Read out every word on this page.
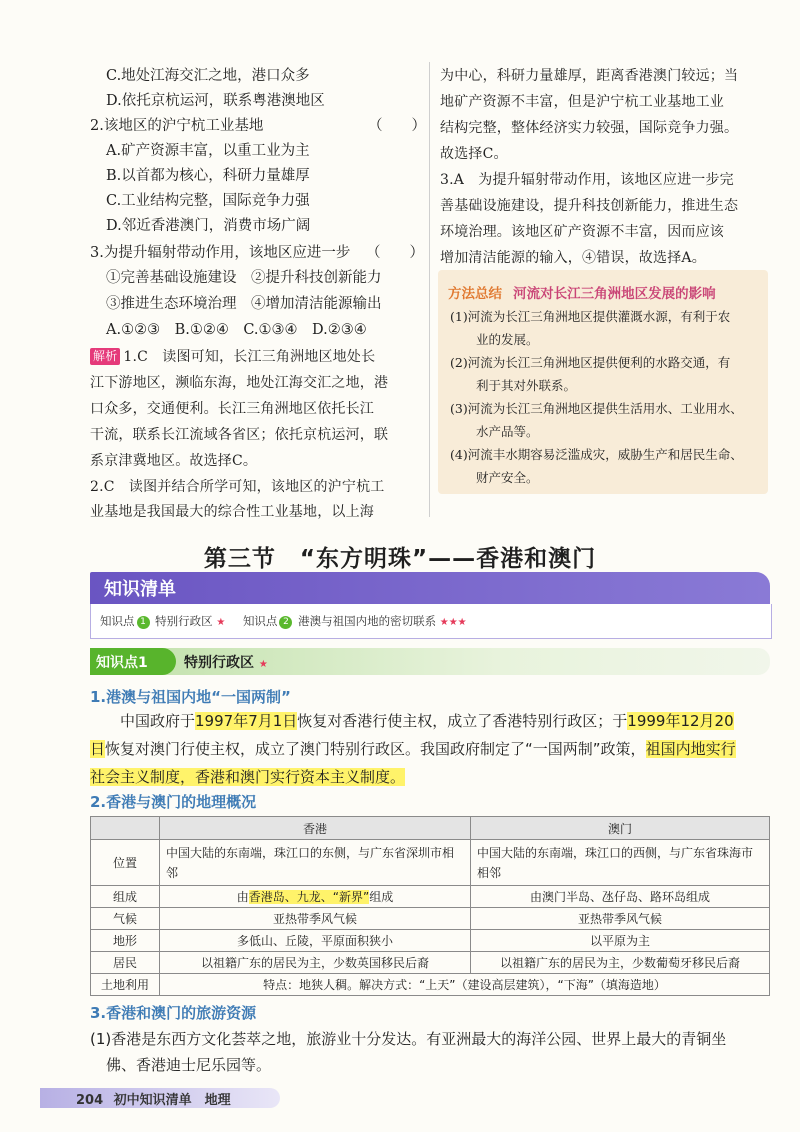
C.地处江海交汇之地，港口众多
D.依托京杭运河，联系粤港澳地区
2.该地区的沪宁杭工业基地	（　　）
A.矿产资源丰富，以重工业为主
B.以首都为核心，科研力量雄厚
C.工业结构完整，国际竞争力强
D.邻近香港澳门，消费市场广阔
3.为提升辐射带动作用，该地区应进一步 （　　）
①完善基础设施建设　②提升科技创新能力
③推进生态环境治理　④增加清洁能源输出
A.①②③　B.①②④　C.①③④　D.②③④
解析 1.C　读图可知，长江三角洲地区地处长
江下游地区，濒临东海，地处江海交汇之地，港
口众多，交通便利。长江三角洲地区依托长江
干流，联系长江流域各省区；依托京杭运河，联
系京津冀地区。故选择C。
2.C　读图并结合所学可知，该地区的沪宁杭工
业基地是我国最大的综合性工业基地，以上海
为中心，科研力量雄厚，距离香港澳门较远；当
地矿产资源不丰富，但是沪宁杭工业基地工业
结构完整，整体经济实力较强，国际竞争力强。
故选择C。
3.A　为提升辐射带动作用，该地区应进一步完
善基础设施建设，提升科技创新能力，推进生态
环境治理。该地区矿产资源不丰富，因而应该
增加清洁能源的输入，④错误，故选择A。
方法总结 河流对长江三角洲地区发展的影响
(1)河流为长江三角洲地区提供灌溉水源，有利于农
业的发展。
(2)河流为长江三角洲地区提供便利的水路交通，有
利于其对外联系。
(3)河流为长江三角洲地区提供生活用水、工业用水、
水产品等。
(4)河流丰水期容易泛滥成灾，威胁生产和居民生命、
财产安全。
第三节　“东方明珠”——香港和澳门
知识清单
知识点 1 特别行政区 ★ 知识点 2 港澳与祖国内地的密切联系 ★★★
知识点1	特别行政区 ★
1.港澳与祖国内地“一国两制”
中国政府于1997年7月1日恢复对香港行使主权，成立了香港特别行政区；于1999年12月20
日恢复对澳门行使主权，成立了澳门特别行政区。我国政府制定了“一国两制”政策，祖国内地实行
社会主义制度，香港和澳门实行资本主义制度。
2.香港与澳门的地理概况
	香港	澳门
位置	中国大陆的东南端，珠江口的东侧，与广东省深圳市相邻	中国大陆的东南端，珠江口的西侧，与广东省珠海市相邻
组成	由香港岛、九龙、“新界”组成	由澳门半岛、氹仔岛、路环岛组成
气候	亚热带季风气候	亚热带季风气候
地形	多低山、丘陵，平原面积狭小	以平原为主
居民	以祖籍广东的居民为主，少数英国移民后裔	以祖籍广东的居民为主，少数葡萄牙移民后裔
土地利用	特点：地狭人稠。解决方式：“上天”（建设高层建筑），“下海”（填海造地）	
3.香港和澳门的旅游资源
(1)香港是东西方文化荟萃之地，旅游业十分发达。有亚洲最大的海洋公园、世界上最大的青铜坐
佛、香港迪士尼乐园等。
204 初中知识清单　地理
